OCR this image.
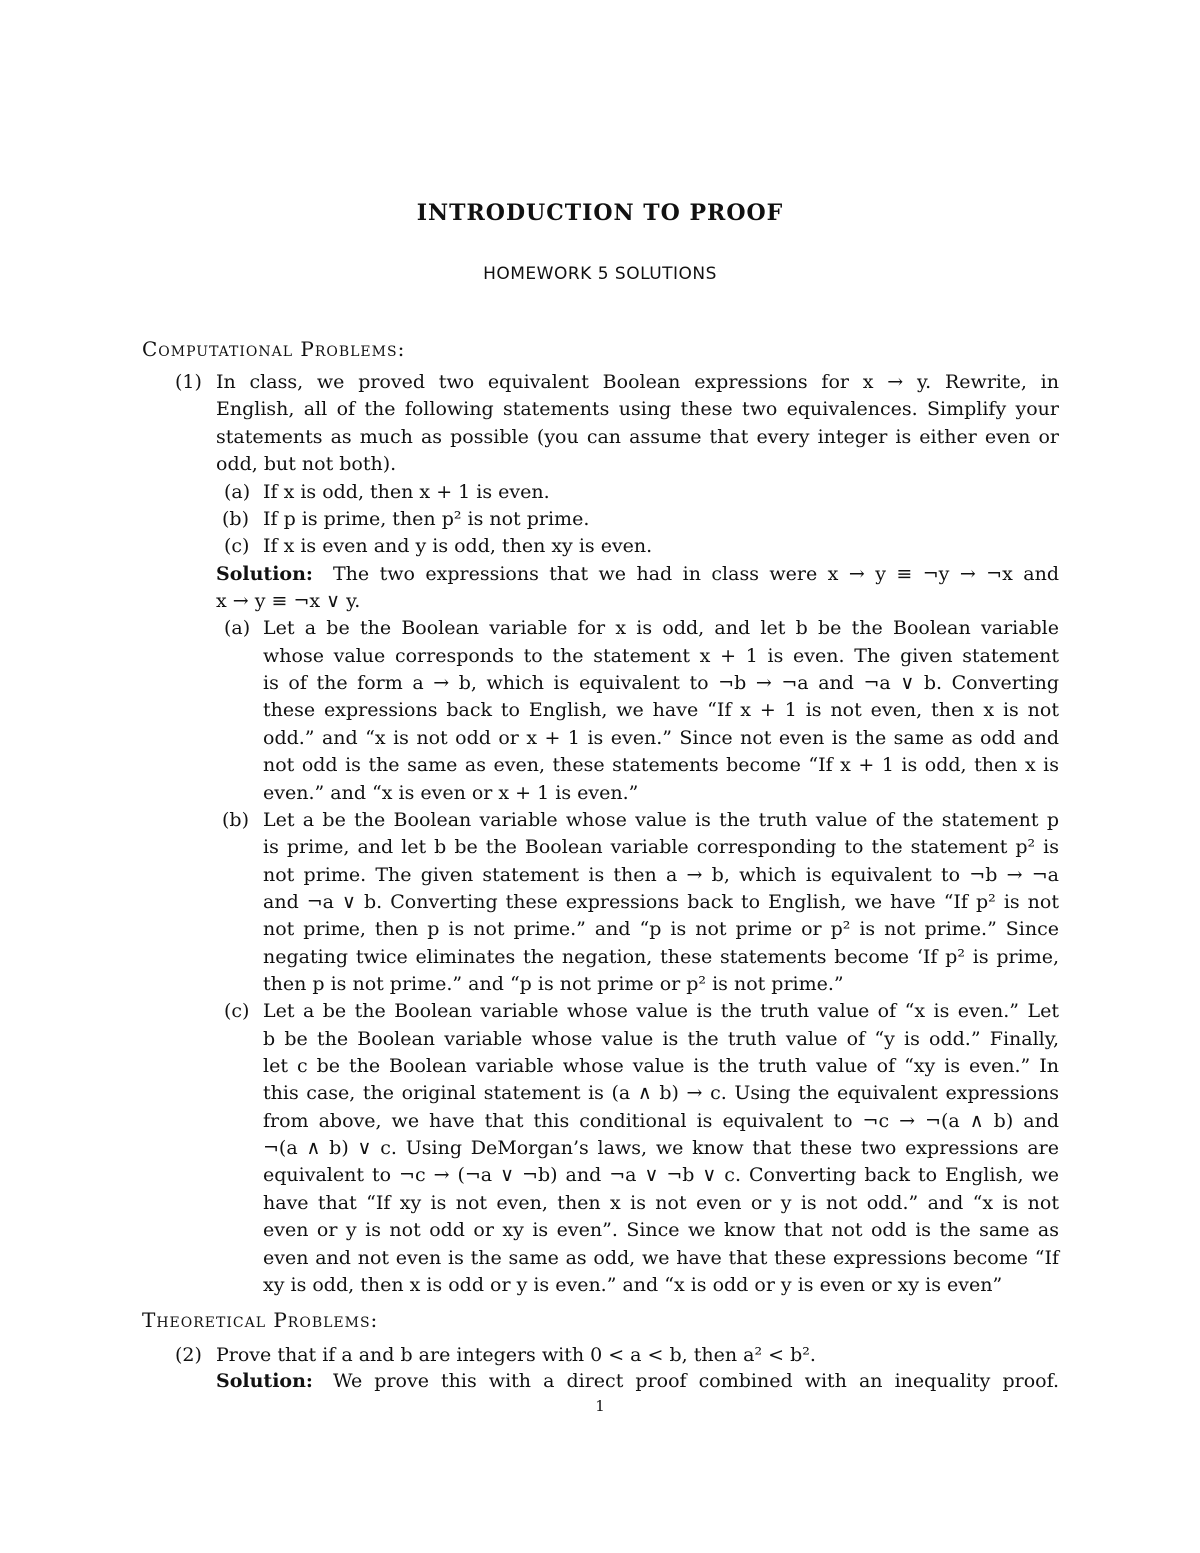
INTRODUCTION TO PROOF
HOMEWORK 5 SOLUTIONS
Computational Problems:
(1) In class, we proved two equivalent Boolean expressions for x → y. Rewrite, in
English, all of the following statements using these two equivalences. Simplify your
statements as much as possible (you can assume that every integer is either even or
odd, but not both).
(a) If x is odd, then x + 1 is even.
(b) If p is prime, then p² is not prime.
(c) If x is even and y is odd, then xy is even.
Solution: The two expressions that we had in class were x → y ≡ ¬y → ¬x and
x → y ≡ ¬x ∨ y.
(a) Let a be the Boolean variable for x is odd, and let b be the Boolean variable
whose value corresponds to the statement x + 1 is even. The given statement
is of the form a → b, which is equivalent to ¬b → ¬a and ¬a ∨ b. Converting
these expressions back to English, we have “If x + 1 is not even, then x is not
odd.” and “x is not odd or x + 1 is even.” Since not even is the same as odd and
not odd is the same as even, these statements become “If x + 1 is odd, then x is
even.” and “x is even or x + 1 is even.”
(b) Let a be the Boolean variable whose value is the truth value of the statement p
is prime, and let b be the Boolean variable corresponding to the statement p² is
not prime. The given statement is then a → b, which is equivalent to ¬b → ¬a
and ¬a ∨ b. Converting these expressions back to English, we have “If p² is not
not prime, then p is not prime.” and “p is not prime or p² is not prime.” Since
negating twice eliminates the negation, these statements become ‘If p² is prime,
then p is not prime.” and “p is not prime or p² is not prime.”
(c) Let a be the Boolean variable whose value is the truth value of “x is even.” Let
b be the Boolean variable whose value is the truth value of “y is odd.” Finally,
let c be the Boolean variable whose value is the truth value of “xy is even.” In
this case, the original statement is (a ∧ b) → c. Using the equivalent expressions
from above, we have that this conditional is equivalent to ¬c → ¬(a ∧ b) and
¬(a ∧ b) ∨ c. Using DeMorgan’s laws, we know that these two expressions are
equivalent to ¬c → (¬a ∨ ¬b) and ¬a ∨ ¬b ∨ c. Converting back to English, we
have that “If xy is not even, then x is not even or y is not odd.” and “x is not
even or y is not odd or xy is even”. Since we know that not odd is the same as
even and not even is the same as odd, we have that these expressions become “If
xy is odd, then x is odd or y is even.” and “x is odd or y is even or xy is even”
Theoretical Problems:
(2) Prove that if a and b are integers with 0 < a < b, then a² < b².
Solution: We prove this with a direct proof combined with an inequality proof.
1
